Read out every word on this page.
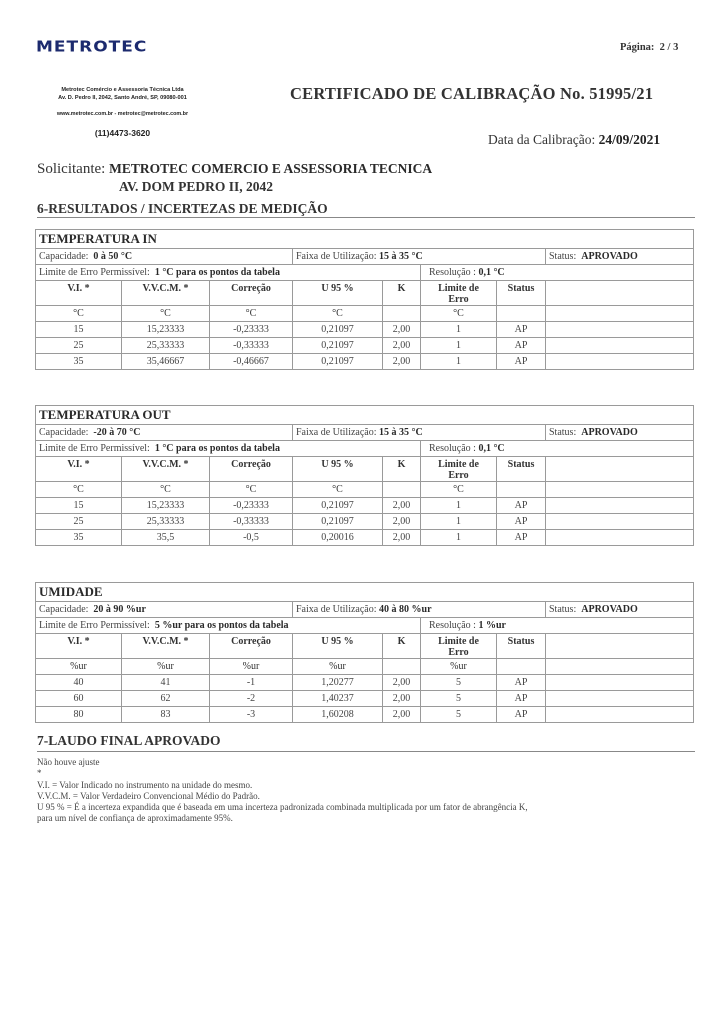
METROTEC
Metrotec Comércio e Assessoria Técnica Ltda
Av. D. Pedro II, 2042, Santo André, SP, 09080-001
www.metrotec.com.br - metrotec@metrotec.com.br
(11)4473-3620
Página: 2 / 3
CERTIFICADO DE CALIBRAÇÃO No. 51995/21
Data da Calibração: 24/09/2021
Solicitante: METROTEC COMERCIO E ASSESSORIA TECNICA
AV. DOM PEDRO II, 2042
6-RESULTADOS / INCERTEZAS DE MEDIÇÃO
TEMPERATURA IN							
Capacidade: 0 à 50 °C			Faixa de Utilização: 15 à 35 °C				Status: APROVADO
Limite de Erro Permissível: 1 °C para os pontos da tabela					Resolução : 0,1 °C		
V.I. *	V.V.C.M. *	Correção	U 95 %	K	Limite de
Erro	Status	
°C	°C	°C	°C		°C		
15	15,23333	-0,23333	0,21097	2,00	1	AP	
25	25,33333	-0,33333	0,21097	2,00	1	AP	
35	35,46667	-0,46667	0,21097	2,00	1	AP	
TEMPERATURA OUT							
Capacidade: -20 à 70 °C			Faixa de Utilização: 15 à 35 °C				Status: APROVADO
Limite de Erro Permissível: 1 °C para os pontos da tabela					Resolução : 0,1 °C		
V.I. *	V.V.C.M. *	Correção	U 95 %	K	Limite de
Erro	Status	
°C	°C	°C	°C		°C		
15	15,23333	-0,23333	0,21097	2,00	1	AP	
25	25,33333	-0,33333	0,21097	2,00	1	AP	
35	35,5	-0,5	0,20016	2,00	1	AP	
UMIDADE							
Capacidade: 20 à 90 %ur			Faixa de Utilização: 40 à 80 %ur				Status: APROVADO
Limite de Erro Permissível: 5 %ur para os pontos da tabela					Resolução : 1 %ur		
V.I. *	V.V.C.M. *	Correção	U 95 %	K	Limite de
Erro	Status	
%ur	%ur	%ur	%ur		%ur		
40	41	-1	1,20277	2,00	5	AP	
60	62	-2	1,40237	2,00	5	AP	
80	83	-3	1,60208	2,00	5	AP	
7-LAUDO FINAL APROVADO
Não houve ajuste
*
V.I. = Valor Indicado no instrumento na unidade do mesmo.
V.V.C.M. = Valor Verdadeiro Convencional Médio do Padrão.
U 95 % = É a incerteza expandida que é baseada em uma incerteza padronizada combinada multiplicada por um fator de abrangência K,
para um nível de confiança de aproximadamente 95%.
